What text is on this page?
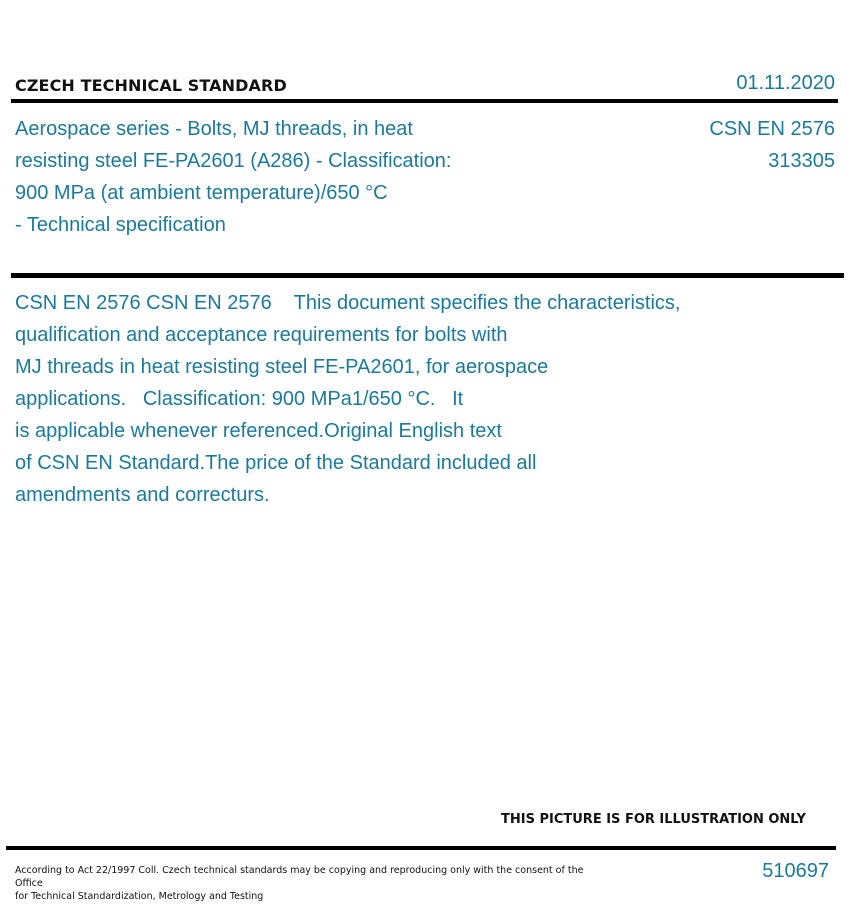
CZECH TECHNICAL STANDARD	01.11.2020
Aerospace series - Bolts, MJ threads, in heat
resisting steel FE-PA2601 (A286) - Classification:
900 MPa (at ambient temperature)/650 °C
- Technical specification
CSN EN 2576
313305
CSN EN 2576 CSN EN 2576    This document specifies the characteristics,
qualification and acceptance requirements for bolts with
MJ threads in heat resisting steel FE-PA2601, for aerospace
applications.   Classification: 900 MPa1/650 °C.   It
is applicable whenever referenced.Original English text
of CSN EN Standard.The price of the Standard included all
amendments and correcturs.
THIS PICTURE IS FOR ILLUSTRATION ONLY
According to Act 22/1997 Coll. Czech technical standards may be copying and reproducing only with the consent of the Office
for Technical Standardization, Metrology and Testing
510697
